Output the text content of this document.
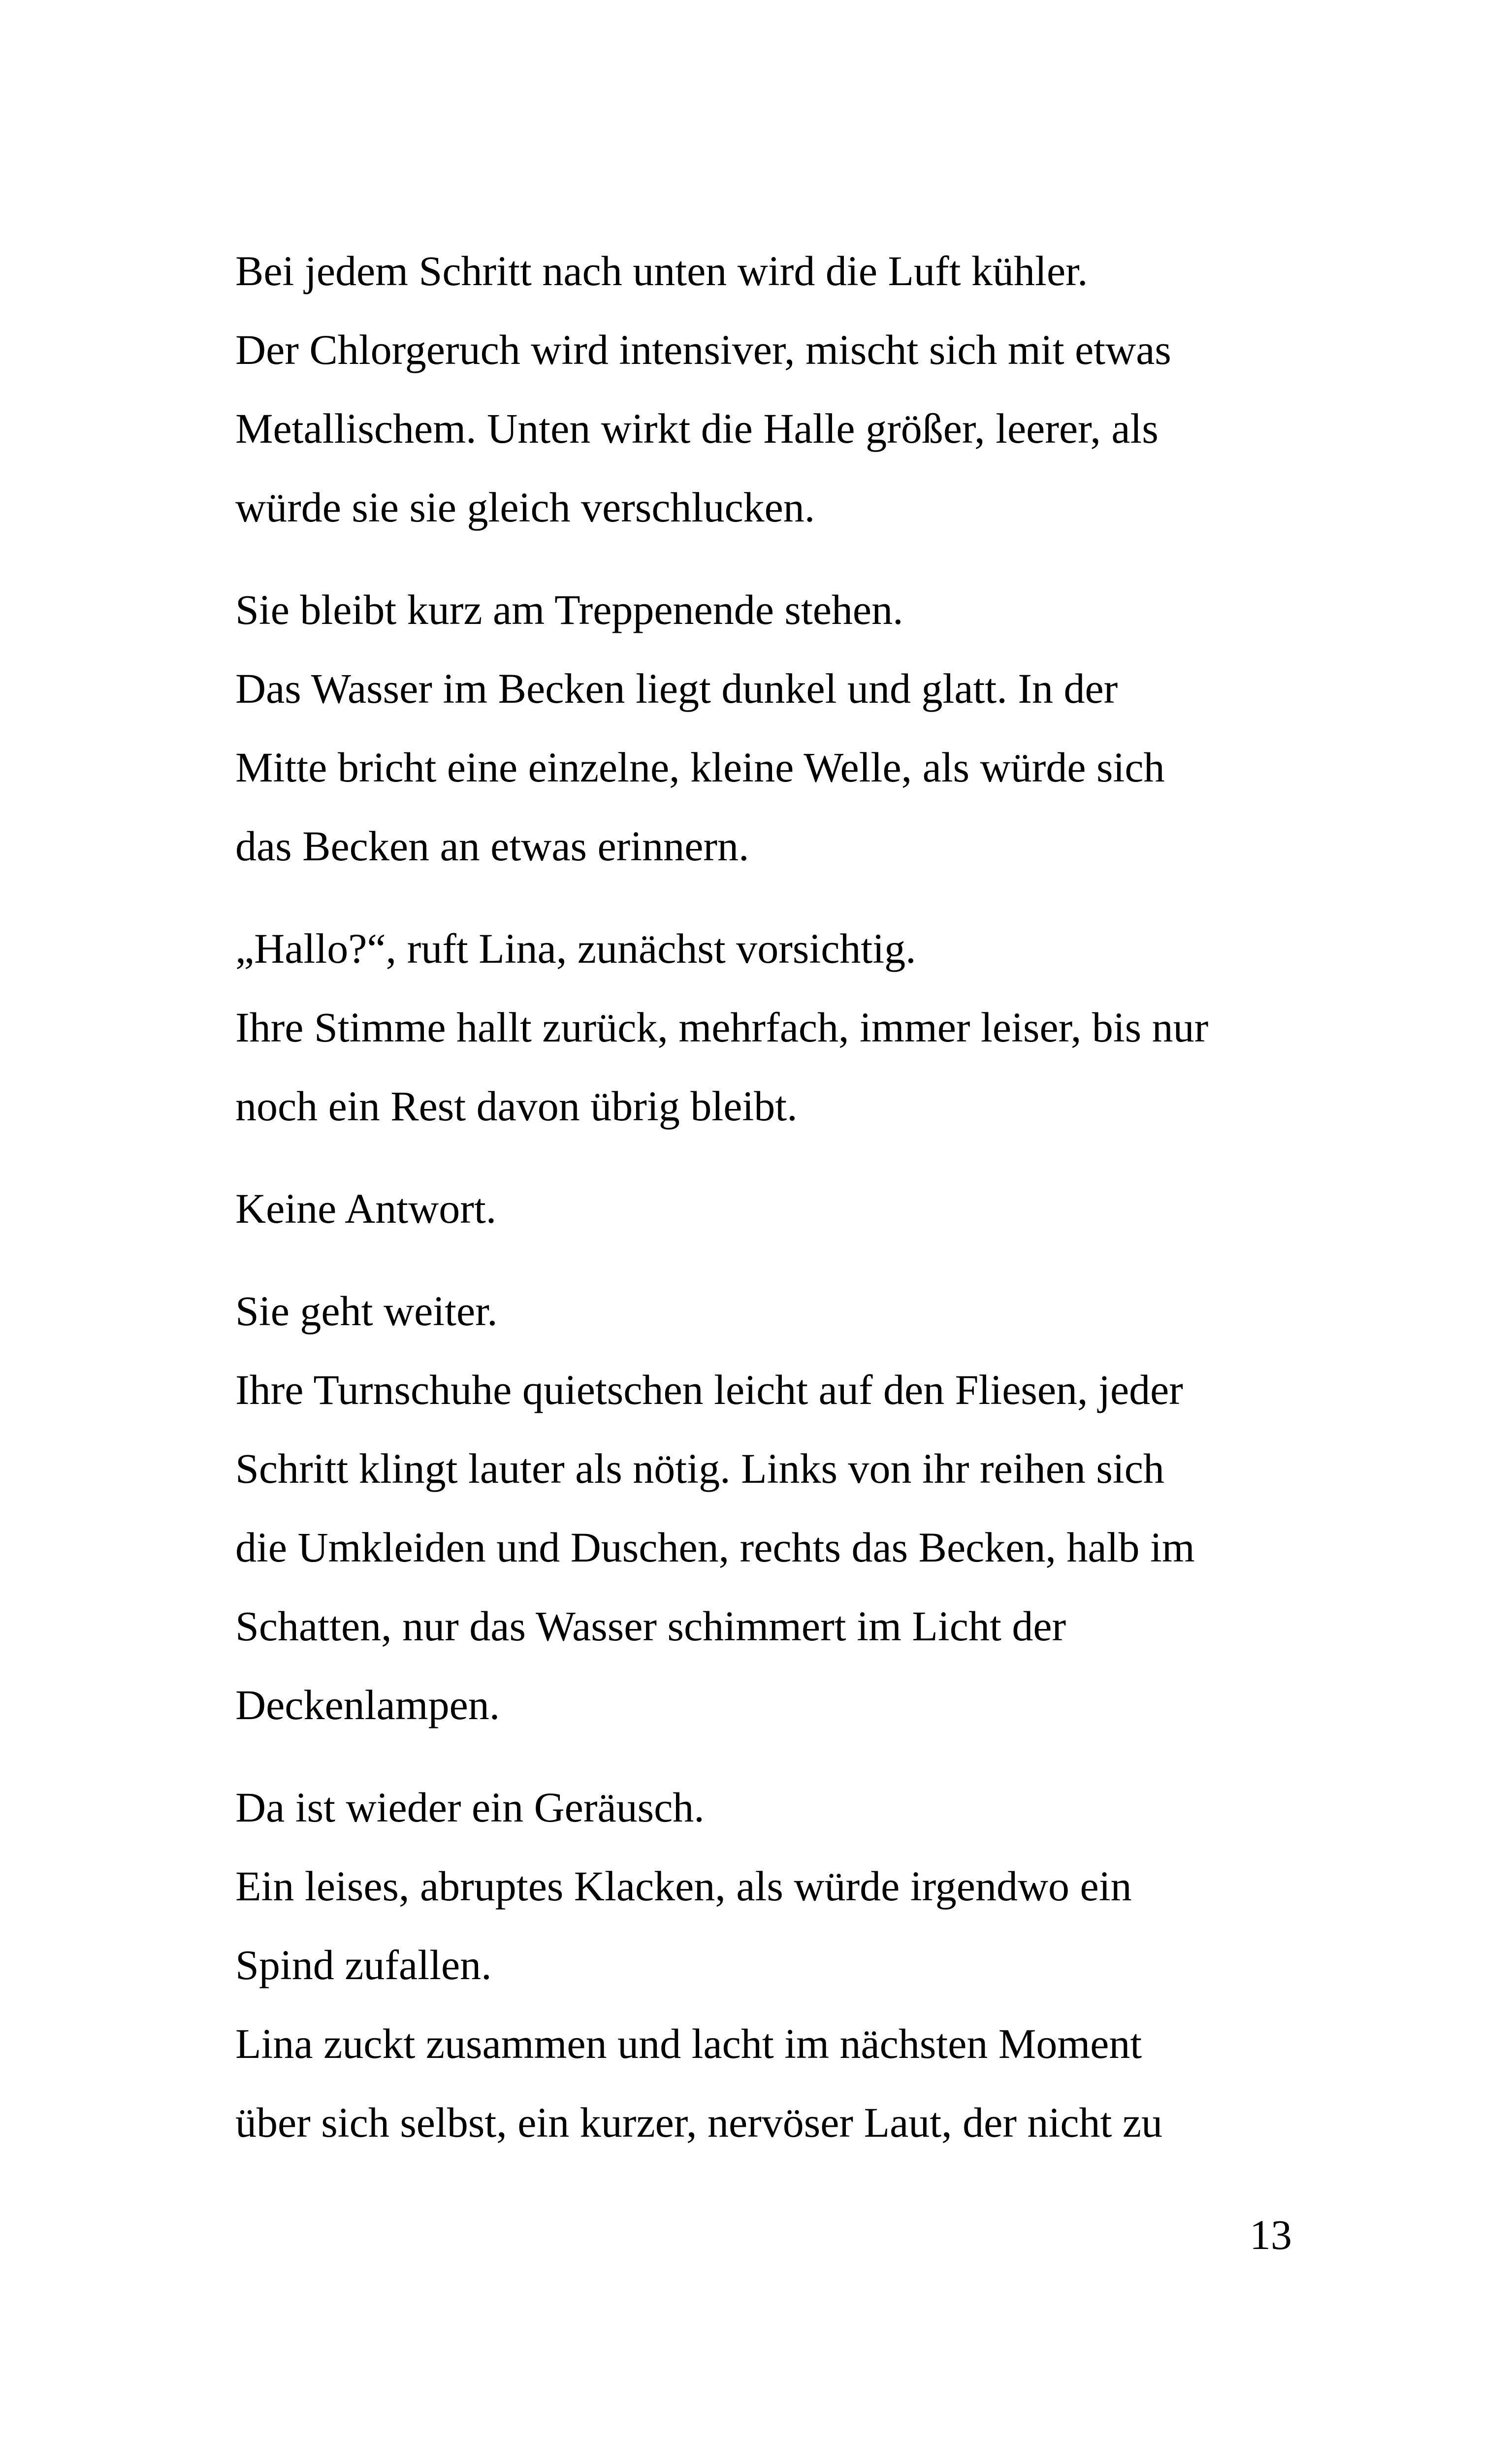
Bei jedem Schritt nach unten wird die Luft kühler.
Der Chlorgeruch wird intensiver, mischt sich mit etwas
Metallischem. Unten wirkt die Halle größer, leerer, als
würde sie sie gleich verschlucken.
Sie bleibt kurz am Treppenende stehen.
Das Wasser im Becken liegt dunkel und glatt. In der
Mitte bricht eine einzelne, kleine Welle, als würde sich
das Becken an etwas erinnern.
„Hallo?“, ruft Lina, zunächst vorsichtig.
Ihre Stimme hallt zurück, mehrfach, immer leiser, bis nur
noch ein Rest davon übrig bleibt.
Keine Antwort.
Sie geht weiter.
Ihre Turnschuhe quietschen leicht auf den Fliesen, jeder
Schritt klingt lauter als nötig. Links von ihr reihen sich
die Umkleiden und Duschen, rechts das Becken, halb im
Schatten, nur das Wasser schimmert im Licht der
Deckenlampen.
Da ist wieder ein Geräusch.
Ein leises, abruptes Klacken, als würde irgendwo ein
Spind zufallen.
Lina zuckt zusammen und lacht im nächsten Moment
über sich selbst, ein kurzer, nervöser Laut, der nicht zu
13
